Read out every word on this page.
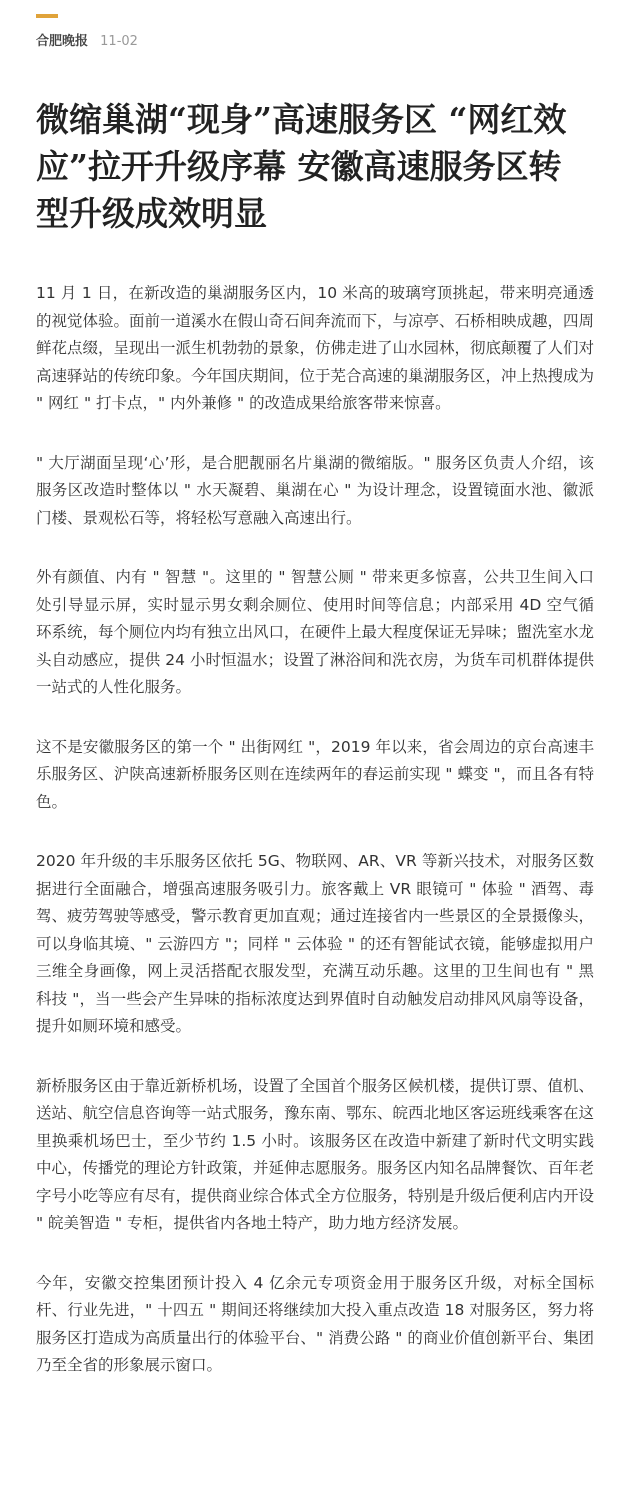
合肥晚报 11-02
微缩巢湖“现身”高速服务区 “网红效应”拉开升级序幕 安徽高速服务区转型升级成效明显

11 月 1 日，在新改造的巢湖服务区内，10 米高的玻璃穹顶挑起，带来明亮通透的视觉体验。面前一道溪水在假山奇石间奔流而下，与凉亭、石桥相映成趣，四周鲜花点缀，呈现出一派生机勃勃的景象，仿佛走进了山水园林，彻底颠覆了人们对高速驿站的传统印象。今年国庆期间，位于芜合高速的巢湖服务区，冲上热搜成为 " 网红 " 打卡点，" 内外兼修 " 的改造成果给旅客带来惊喜。

" 大厅湖面呈现‘心’形，是合肥靓丽名片巢湖的微缩版。" 服务区负责人介绍，该服务区改造时整体以 " 水天凝碧、巢湖在心 " 为设计理念，设置镜面水池、徽派门楼、景观松石等，将轻松写意融入高速出行。

外有颜值、内有 " 智慧 "。这里的 " 智慧公厕 " 带来更多惊喜，公共卫生间入口处引导显示屏，实时显示男女剩余厕位、使用时间等信息；内部采用 4D 空气循环系统，每个厕位内均有独立出风口，在硬件上最大程度保证无异味；盥洗室水龙头自动感应，提供 24 小时恒温水；设置了淋浴间和洗衣房，为货车司机群体提供一站式的人性化服务。

这不是安徽服务区的第一个 " 出街网红 "，2019 年以来，省会周边的京台高速丰乐服务区、沪陕高速新桥服务区则在连续两年的春运前实现 " 蝶变 "，而且各有特色。

2020 年升级的丰乐服务区依托 5G、物联网、AR、VR 等新兴技术，对服务区数据进行全面融合，增强高速服务吸引力。旅客戴上 VR 眼镜可 " 体验 " 酒驾、毒驾、疲劳驾驶等感受，警示教育更加直观；通过连接省内一些景区的全景摄像头，可以身临其境、" 云游四方 "；同样 " 云体验 " 的还有智能试衣镜，能够虚拟用户三维全身画像，网上灵活搭配衣服发型，充满互动乐趣。这里的卫生间也有 " 黑科技 "，当一些会产生异味的指标浓度达到界值时自动触发启动排风风扇等设备，提升如厕环境和感受。

新桥服务区由于靠近新桥机场，设置了全国首个服务区候机楼，提供订票、值机、送站、航空信息咨询等一站式服务，豫东南、鄂东、皖西北地区客运班线乘客在这里换乘机场巴士，至少节约 1.5 小时。该服务区在改造中新建了新时代文明实践中心，传播党的理论方针政策，并延伸志愿服务。服务区内知名品牌餐饮、百年老字号小吃等应有尽有，提供商业综合体式全方位服务，特别是升级后便利店内开设 " 皖美智造 " 专柜，提供省内各地土特产，助力地方经济发展。

今年，安徽交控集团预计投入 4 亿余元专项资金用于服务区升级，对标全国标杆、行业先进，" 十四五 " 期间还将继续加大投入重点改造 18 对服务区，努力将服务区打造成为高质量出行的体验平台、" 消费公路 " 的商业价值创新平台、集团乃至全省的形象展示窗口。
